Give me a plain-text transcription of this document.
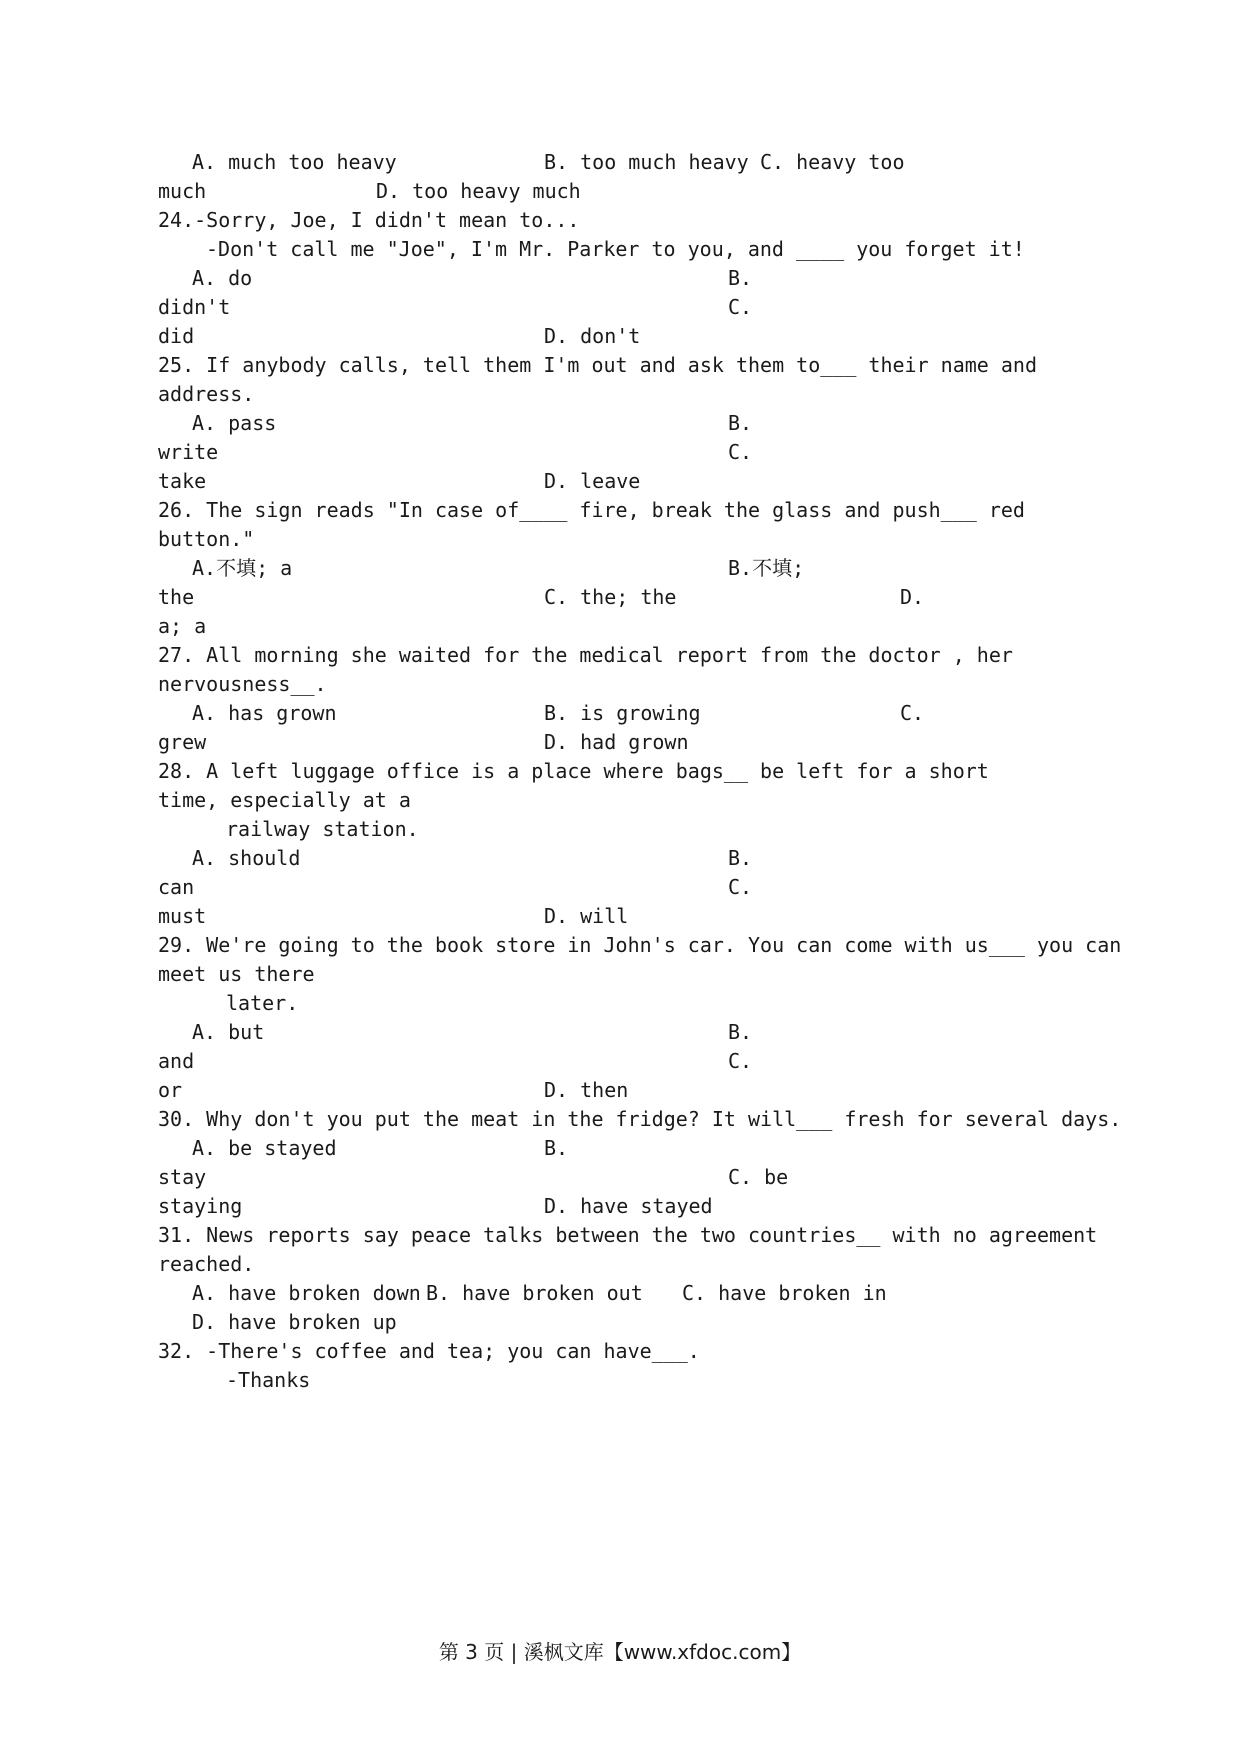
A. much too heavy	B. too much heavy C. heavy too
much	D. too heavy much
24.-Sorry, Joe, I didn't mean to...
-Don't call me "Joe", I'm Mr. Parker to you, and ____ you forget it!
A. do	B.
didn't	C.
did	D. don't
25. If anybody calls, tell them I'm out and ask them to___ their name and
address.
A. pass	B.
write	C.
take	D. leave
26. The sign reads "In case of____ fire, break the glass and push___ red
button."
A.不填; a	B.不填;
the	C. the; the	D.
a; a
27. All morning she waited for the medical report from the doctor , her
nervousness__.
A. has grown	B. is growing	C.
grew	D. had grown
28. A left luggage office is a place where bags__ be left for a short
time, especially at a
railway station.
A. should	B.
can	C.
must	D. will
29. We're going to the book store in John's car. You can come with us___ you can
meet us there
later.
A. but	B.
and	C.
or	D. then
30. Why don't you put the meat in the fridge? It will___ fresh for several days.
A. be stayed	B.
stay	C. be
staying	D. have stayed
31. News reports say peace talks between the two countries__ with no agreement
reached.
A. have broken down B. have broken out C. have broken in
D. have broken up
32. -There's coffee and tea; you can have___.
-Thanks
第 3 页 | 溪枫文库【www.xfdoc.com】
